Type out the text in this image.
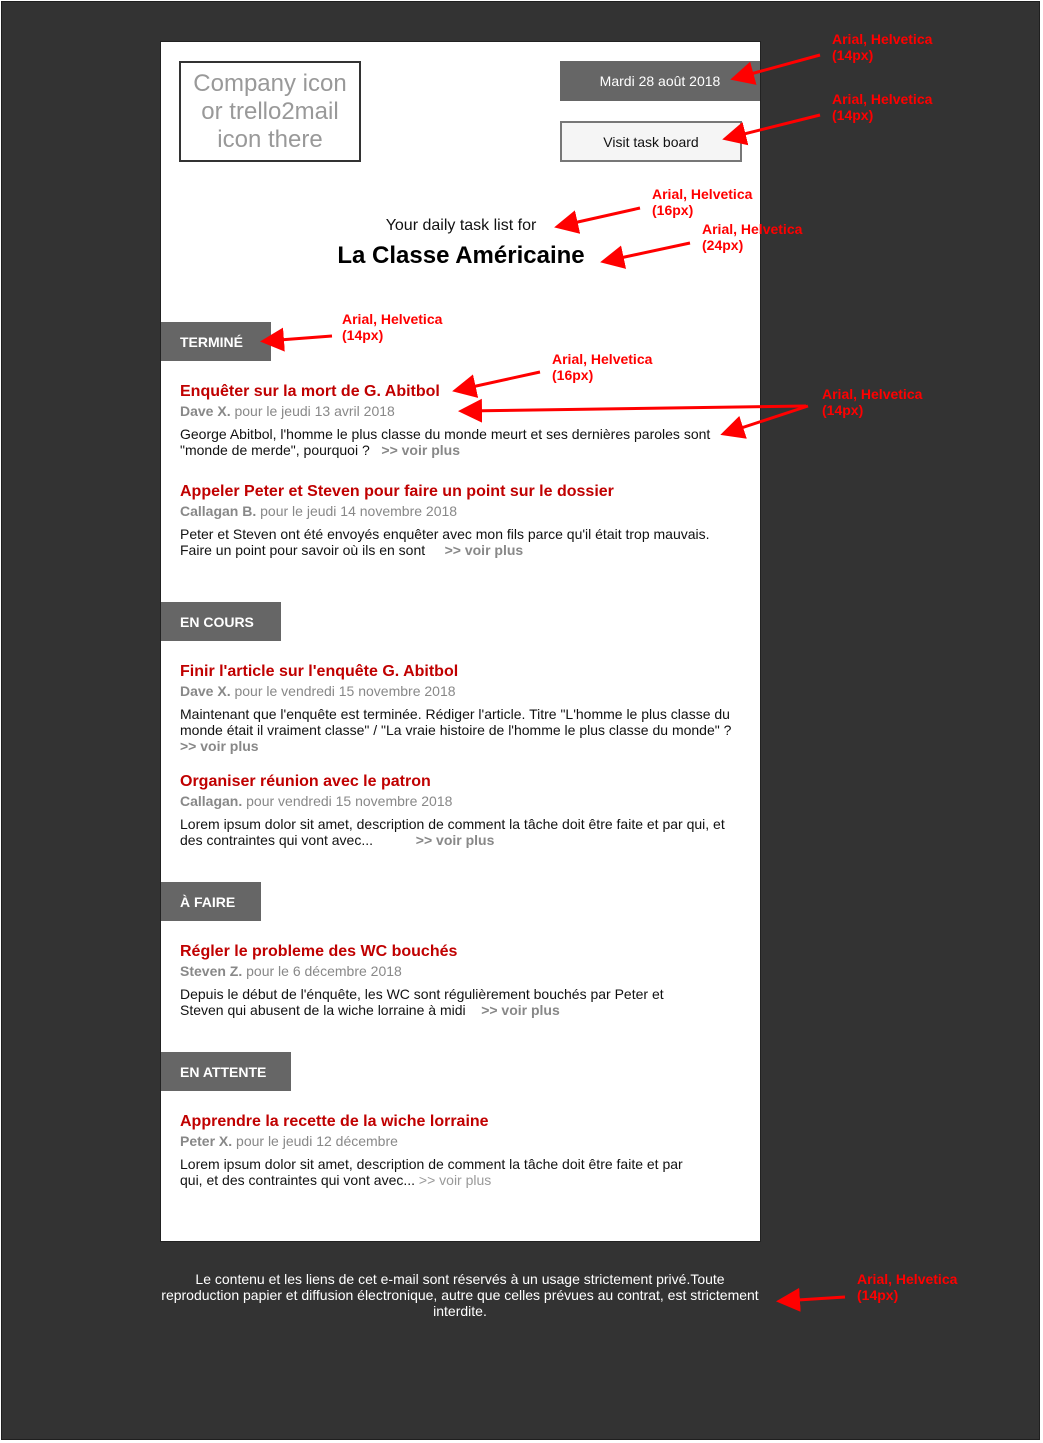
Company icon or trello2mail icon there
Mardi 28 août 2018
Visit task board
Your daily task list for
La Classe Américaine
TERMINÉ
Enquêter sur la mort de G. Abitbol
Dave X. pour le jeudi 13 avril 2018
George Abitbol, l'homme le plus classe du monde meurt et ses dernières paroles sont
"monde de merde", pourquoi ? >> voir plus
Appeler Peter et Steven pour faire un point sur le dossier
Callagan B. pour le jeudi 14 novembre 2018
Peter et Steven ont été envoyés enquêter avec mon fils parce qu'il était trop mauvais.
Faire un point pour savoir où ils en sont >> voir plus
EN COURS
Finir l'article sur l'enquête G. Abitbol
Dave X. pour le vendredi 15 novembre 2018
Maintenant que l'enquête est terminée. Rédiger l'article. Titre "L'homme le plus classe du
monde était il vraiment classe" / "La vraie histoire de l'homme le plus classe du monde" ?
>> voir plus
Organiser réunion avec le patron
Callagan. pour vendredi 15 novembre 2018
Lorem ipsum dolor sit amet, description de comment la tâche doit être faite et par qui, et
des contraintes qui vont avec...	>> voir plus
À FAIRE
Régler le probleme des WC bouchés
Steven Z. pour le 6 décembre 2018
Depuis le début de l'énquête, les WC sont régulièrement bouchés par Peter et
Steven qui abusent de la wiche lorraine à midi >> voir plus
EN ATTENTE
Apprendre la recette de la wiche lorraine
Peter X. pour le jeudi 12 décembre
Lorem ipsum dolor sit amet, description de comment la tâche doit être faite et par
qui, et des contraintes qui vont avec... >> voir plus
Le contenu et les liens de cet e-mail sont réservés à un usage strictement privé.Toute reproduction papier et diffusion électronique, autre que celles prévues au contrat, est strictement interdite.
Arial, Helvetica
(14px)
Arial, Helvetica
(14px)
Arial, Helvetica
(16px)
Arial, Helvetica
(24px)
Arial, Helvetica
(14px)
Arial, Helvetica
(16px)
Arial, Helvetica
(14px)
Arial, Helvetica
(14px)
